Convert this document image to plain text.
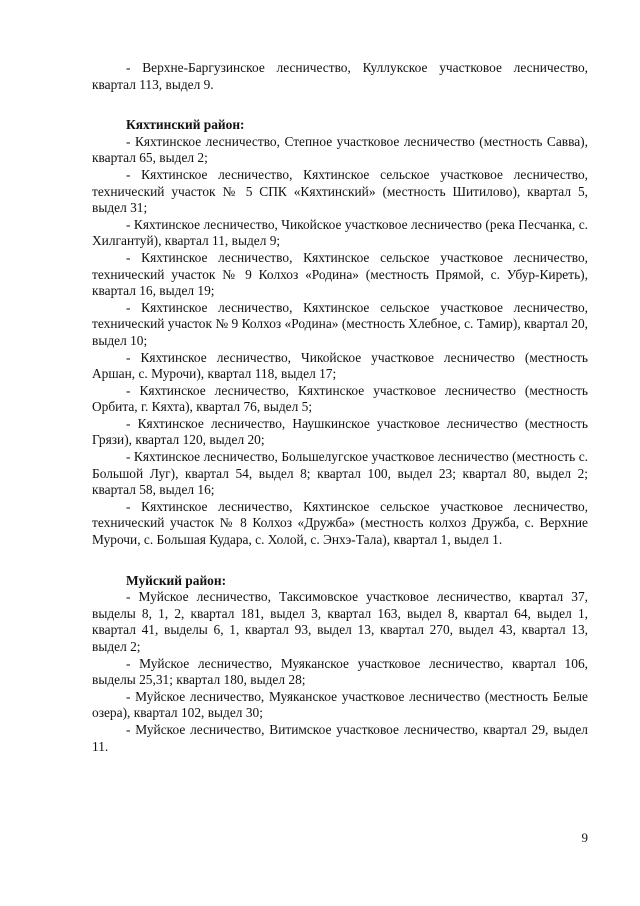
- Верхне-Баргузинское лесничество, Куллукское участковое лесничество, квартал 113, выдел 9.

Кяхтинский район:

- Кяхтинское лесничество, Степное участковое лесничество (местность Савва), квартал 65, выдел 2;

- Кяхтинское лесничество, Кяхтинское сельское участковое лесничество, технический участок № 5 СПК «Кяхтинский» (местность Шитилово), квартал 5, выдел 31;

- Кяхтинское лесничество, Чикойское участковое лесничество (река Песчанка, с. Хилгантуй), квартал 11, выдел 9;

- Кяхтинское лесничество, Кяхтинское сельское участковое лесничество, технический участок № 9 Колхоз «Родина» (местность Прямой, с. Убур-Киреть), квартал 16, выдел 19;

- Кяхтинское лесничество, Кяхтинское сельское участковое лесничество, технический участок № 9 Колхоз «Родина» (местность Хлебное, с. Тамир), квартал 20, выдел 10;

- Кяхтинское лесничество, Чикойское участковое лесничество (местность Аршан, с. Мурочи), квартал 118, выдел 17;

- Кяхтинское лесничество, Кяхтинское участковое лесничество (местность Орбита, г. Кяхта), квартал 76, выдел 5;

- Кяхтинское лесничество, Наушкинское участковое лесничество (местность Грязи), квартал 120, выдел 20;

- Кяхтинское лесничество, Большелугское участковое лесничество (местность с. Большой Луг), квартал 54, выдел 8; квартал 100, выдел 23; квартал 80, выдел 2; квартал 58, выдел 16;

- Кяхтинское лесничество, Кяхтинское сельское участковое лесничество, технический участок № 8 Колхоз «Дружба» (местность колхоз Дружба, с. Верхние Мурочи, с. Большая Кудара, с. Холой, с. Энхэ-Тала), квартал 1, выдел 1.

Муйский район:

- Муйское лесничество, Таксимовское участковое лесничество, квартал 37, выделы 8, 1, 2, квартал 181, выдел 3, квартал 163, выдел 8, квартал 64, выдел 1, квартал 41, выделы 6, 1, квартал 93, выдел 13, квартал 270, выдел 43, квартал 13, выдел 2;

- Муйское лесничество, Муяканское участковое лесничество, квартал 106, выделы 25,31; квартал 180, выдел 28;

- Муйское лесничество, Муяканское участковое лесничество (местность Белые озера), квартал 102, выдел 30;

- Муйское лесничество, Витимское участковое лесничество, квартал 29, выдел 11.

9
